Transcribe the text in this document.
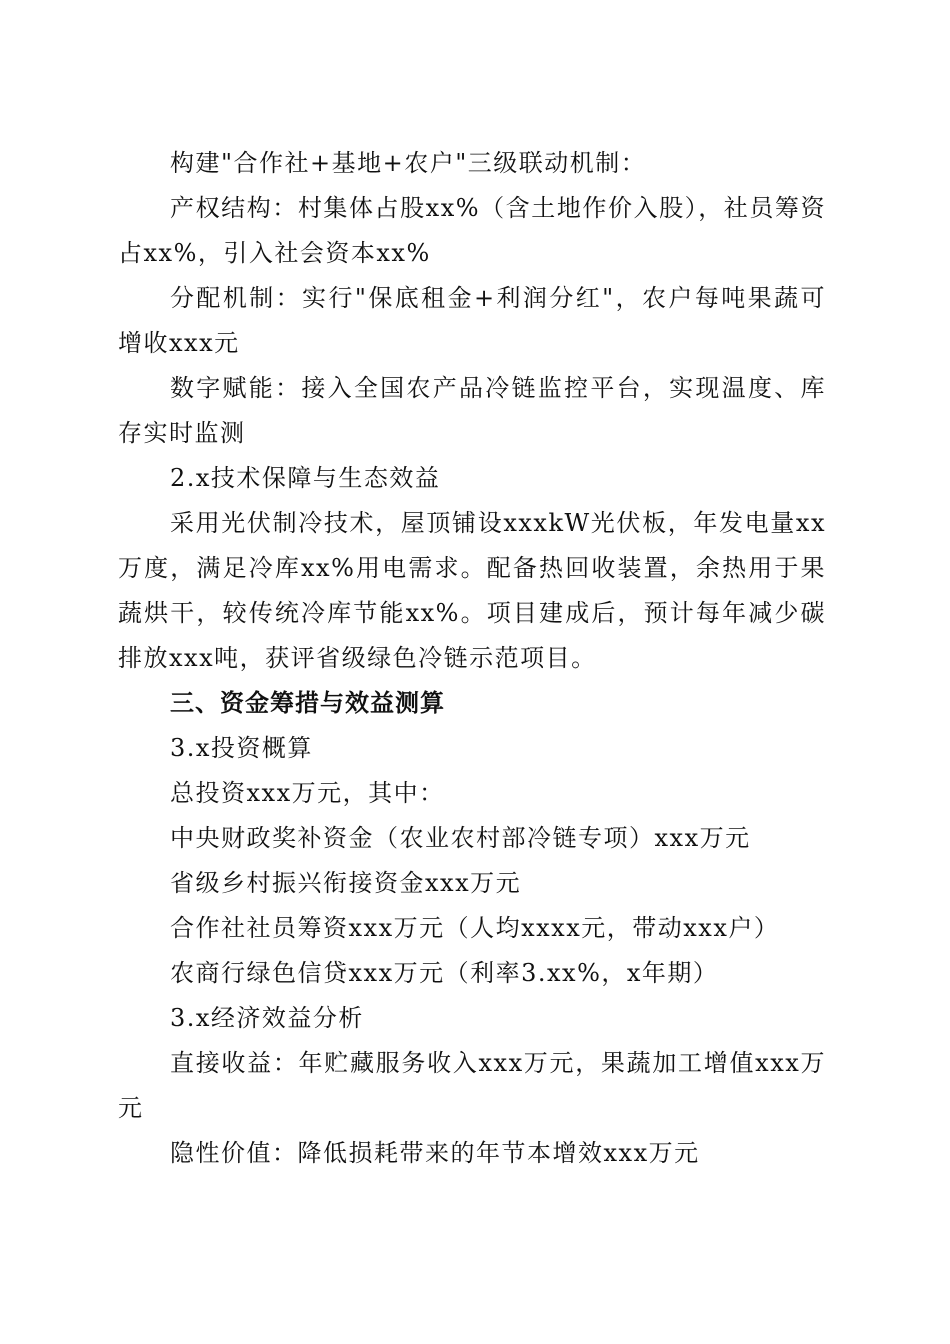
构建"合作社+基地+农户"三级联动机制：

产权结构：村集体占股xx%（含土地作价入股），社员筹资占xx%，引入社会资本xx%

分配机制：实行"保底租金+利润分红"，农户每吨果蔬可增收xxx元

数字赋能：接入全国农产品冷链监控平台，实现温度、库存实时监测

2.x技术保障与生态效益

采用光伏制冷技术，屋顶铺设xxxkW光伏板，年发电量xx万度，满足冷库xx%用电需求。配备热回收装置，余热用于果蔬烘干，较传统冷库节能xx%。项目建成后，预计每年减少碳排放xxx吨，获评省级绿色冷链示范项目。

三、资金筹措与效益测算

3.x投资概算

总投资xxx万元，其中：

中央财政奖补资金（农业农村部冷链专项）xxx万元

省级乡村振兴衔接资金xxx万元

合作社社员筹资xxx万元（人均xxxx元，带动xxx户）

农商行绿色信贷xxx万元（利率3.xx%，x年期）

3.x经济效益分析

直接收益：年贮藏服务收入xxx万元，果蔬加工增值xxx万元

隐性价值：降低损耗带来的年节本增效xxx万元
